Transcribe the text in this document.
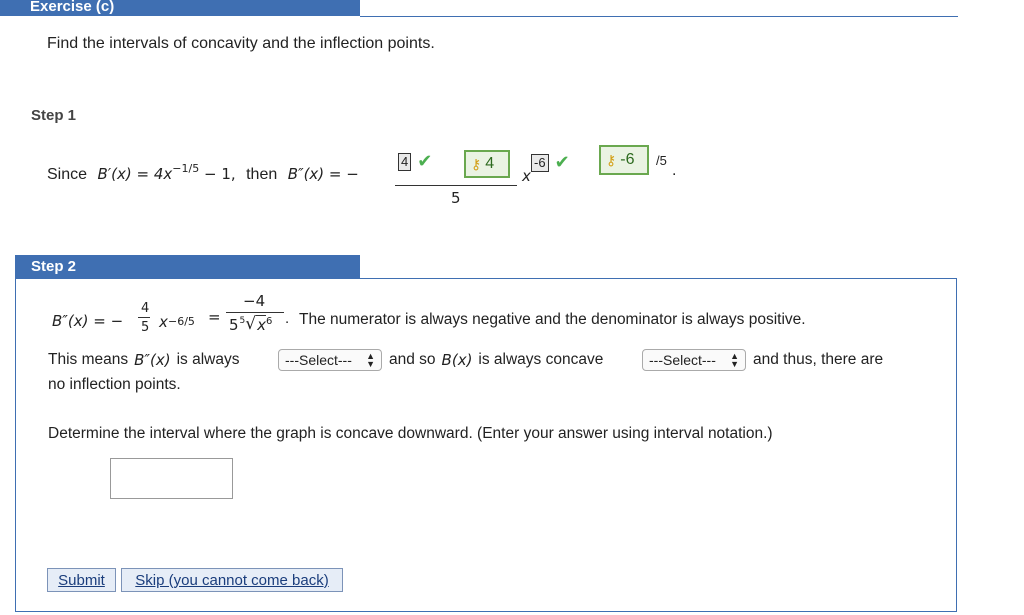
Exercise (c)
Find the intervals of concavity and the inflection points.
Step 1
Since $B'(x) = 4x^{-1/5} - 1$, then B″(x) = −
4 ✔	⚷ 4
5
x
-6 ✔	⚷ -6 /5
.
Step 2
B″(x) = −
4
5 x $_{-6/5}$ =
−4
5 5 √ x 6 . The numerator is always negative and the denominator is always positive.
This means B″(x) is always	---Select--- ▲
▼ and so B(x) is always concave	---Select--- ▲
▼ and thus, there are
no inflection points.
Determine the interval where the graph is concave downward. (Enter your answer using interval notation.)
Submit	Skip (you cannot come back)
